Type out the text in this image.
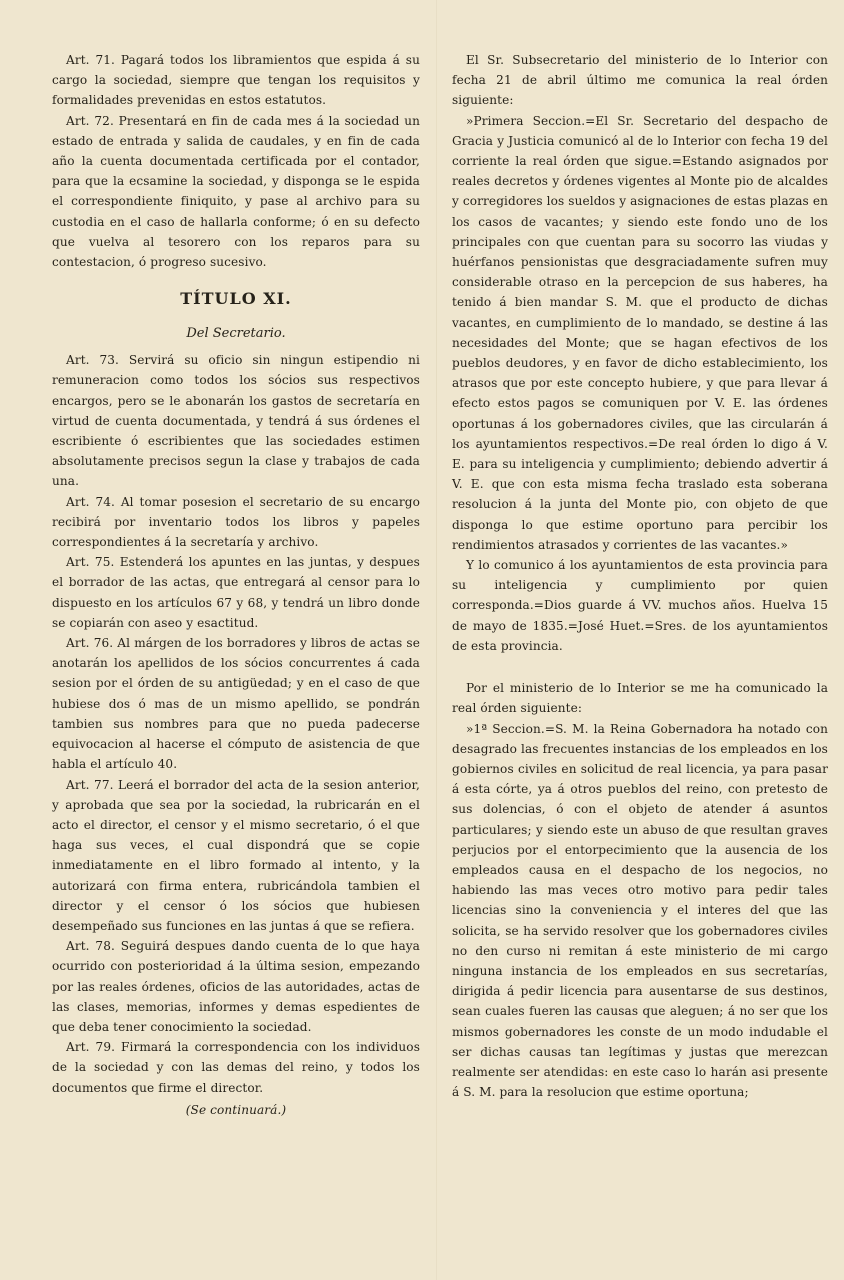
Art. 71. Pagará todos los libramientos que espida á su cargo la sociedad, siempre que tengan los requisitos y formalidades prevenidas en estos estatutos.

Art. 72. Presentará en fin de cada mes á la sociedad un estado de entrada y salida de caudales, y en fin de cada año la cuenta documentada certificada por el contador, para que la ecsamine la sociedad, y disponga se le espida el correspondiente finiquito, y pase al archivo para su custodia en el caso de hallarla conforme; ó en su defecto que vuelva al tesorero con los reparos para su contestacion, ó progreso sucesivo.

TÍTULO XI.
Del Secretario.

Art. 73. Servirá su oficio sin ningun estipendio ni remuneracion como todos los sócios sus respectivos encargos, pero se le abonarán los gastos de secretaría en virtud de cuenta documentada, y tendrá á sus órdenes el escribiente ó escribientes que las sociedades estimen absolutamente precisos segun la clase y trabajos de cada una.

Art. 74. Al tomar posesion el secretario de su encargo recibirá por inventario todos los libros y papeles correspondientes á la secretaría y archivo.

Art. 75. Estenderá los apuntes en las juntas, y despues el borrador de las actas, que entregará al censor para lo dispuesto en los artículos 67 y 68, y tendrá un libro donde se copiarán con aseo y esactitud.

Art. 76. Al márgen de los borradores y libros de actas se anotarán los apellidos de los sócios concurrentes á cada sesion por el órden de su antigüedad; y en el caso de que hubiese dos ó mas de un mismo apellido, se pondrán tambien sus nombres para que no pueda padecerse equivocacion al hacerse el cómputo de asistencia de que habla el artículo 40.

Art. 77. Leerá el borrador del acta de la sesion anterior, y aprobada que sea por la sociedad, la rubricarán en el acto el director, el censor y el mismo secretario, ó el que haga sus veces, el cual dispondrá que se copie inmediatamente en el libro formado al intento, y la autorizará con firma entera, rubricándola tambien el director y el censor ó los sócios que hubiesen desempeñado sus funciones en las juntas á que se refiera.

Art. 78. Seguirá despues dando cuenta de lo que haya ocurrido con posterioridad á la última sesion, empezando por las reales órdenes, oficios de las autoridades, actas de las clases, memorias, informes y demas espedientes de que deba tener conocimiento la sociedad.

Art. 79. Firmará la correspondencia con los individuos de la sociedad y con las demas del reino, y todos los documentos que firme el director.

(Se continuará.)

El Sr. Subsecretario del ministerio de lo Interior con fecha 21 de abril último me comunica la real órden siguiente:

»Primera Seccion.=El Sr. Secretario del despacho de Gracia y Justicia comunicó al de lo Interior con fecha 19 del corriente la real órden que sigue.=Estando asignados por reales decretos y órdenes vigentes al Monte pio de alcaldes y corregidores los sueldos y asignaciones de estas plazas en los casos de vacantes; y siendo este fondo uno de los principales con que cuentan para su socorro las viudas y huérfanos pensionistas que desgraciadamente sufren muy considerable otraso en la percepcion de sus haberes, ha tenido á bien mandar S. M. que el producto de dichas vacantes, en cumplimiento de lo mandado, se destine á las necesidades del Monte; que se hagan efectivos de los pueblos deudores, y en favor de dicho establecimiento, los atrasos que por este concepto hubiere, y que para llevar á efecto estos pagos se comuniquen por V. E. las órdenes oportunas á los gobernadores civiles, que las circularán á los ayuntamientos respectivos.=De real órden lo digo á V. E. para su inteligencia y cumplimiento; debiendo advertir á V. E. que con esta misma fecha traslado esta soberana resolucion á la junta del Monte pio, con objeto de que disponga lo que estime oportuno para percibir los rendimientos atrasados y corrientes de las vacantes.»

Y lo comunico á los ayuntamientos de esta provincia para su inteligencia y cumplimiento por quien corresponda.=Dios guarde á VV. muchos años. Huelva 15 de mayo de 1835.=José Huet.=Sres. de los ayuntamientos de esta provincia.

Por el ministerio de lo Interior se me ha comunicado la real órden siguiente:

»1ª Seccion.=S. M. la Reina Gobernadora ha notado con desagrado las frecuentes instancias de los empleados en los gobiernos civiles en solicitud de real licencia, ya para pasar á esta córte, ya á otros pueblos del reino, con pretesto de sus dolencias, ó con el objeto de atender á asuntos particulares; y siendo este un abuso de que resultan graves perjucios por el entorpecimiento que la ausencia de los empleados causa en el despacho de los negocios, no habiendo las mas veces otro motivo para pedir tales licencias sino la conveniencia y el interes del que las solicita, se ha servido resolver que los gobernadores civiles no den curso ni remitan á este ministerio de mi cargo ninguna instancia de los empleados en sus secretarías, dirigida á pedir licencia para ausentarse de sus destinos, sean cuales fueren las causas que aleguen; á no ser que los mismos gobernadores les conste de un modo indudable el ser dichas causas tan legítimas y justas que merezcan realmente ser atendidas: en este caso lo harán asi presente á S. M. para la resolucion que estime oportuna;
